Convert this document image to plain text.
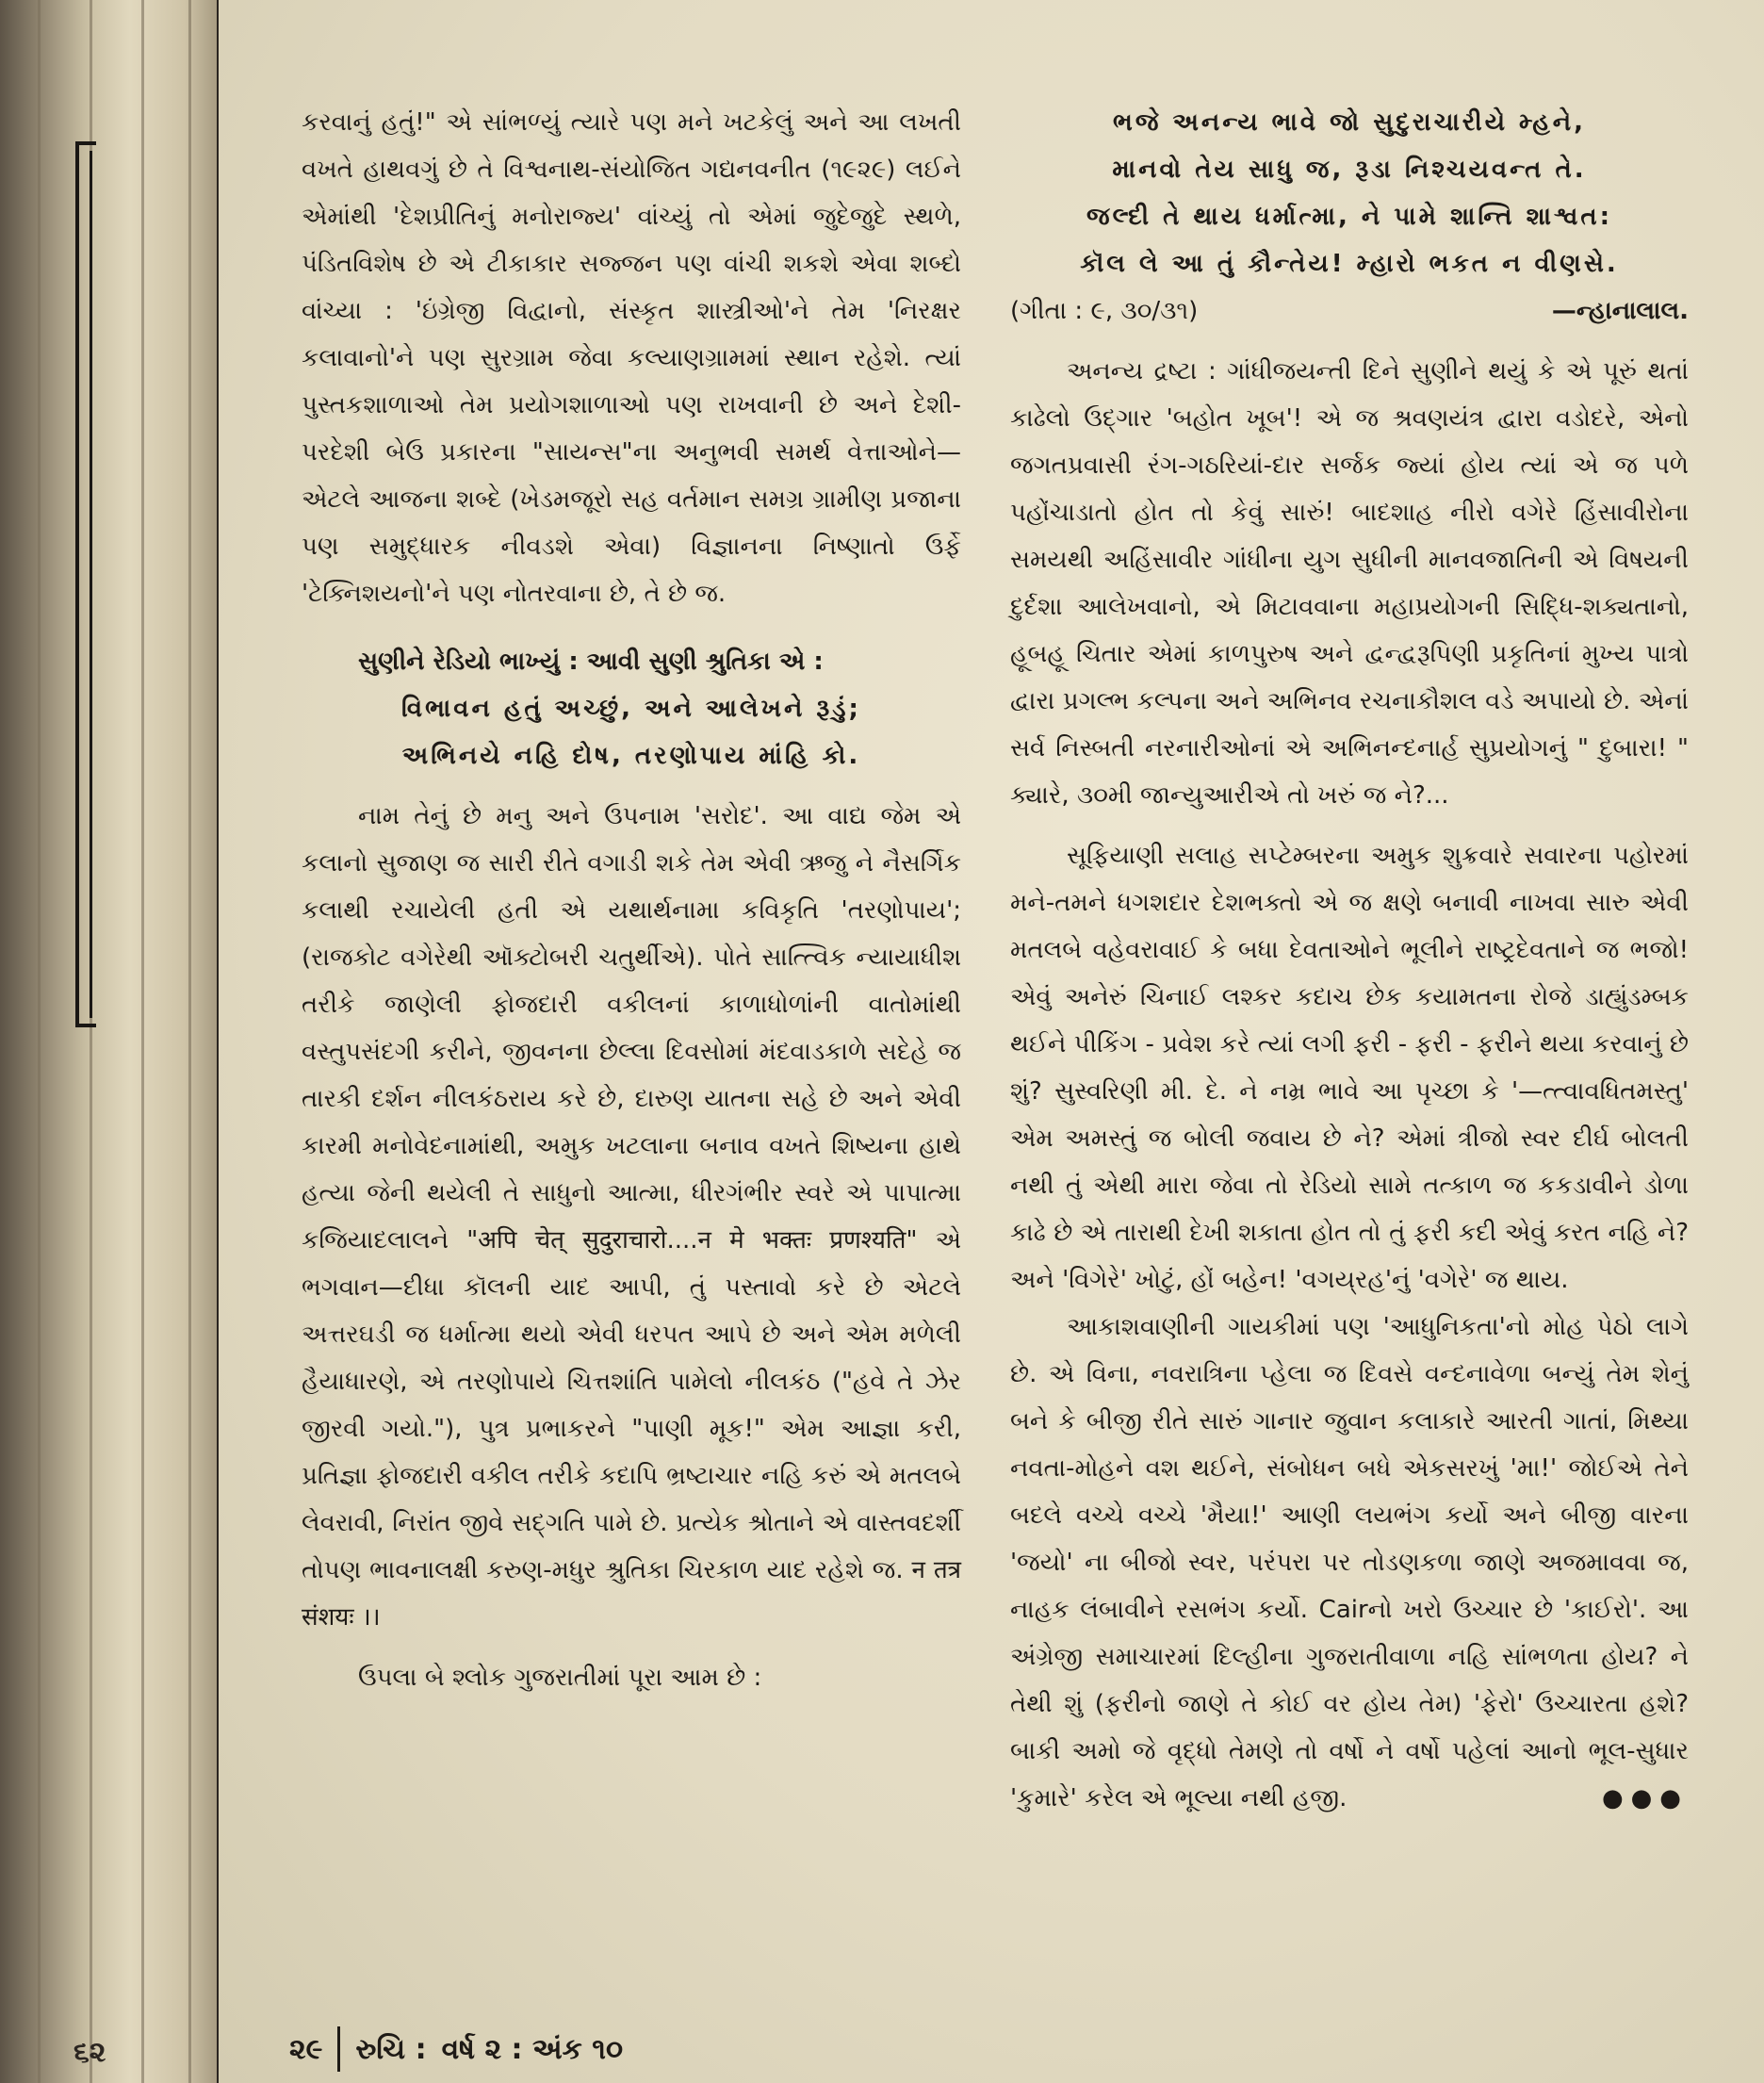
૬૨

કરવાનું હતું!" એ સાંભળ્યું ત્યારે પણ મને ખટકેલું અને આ લખતી વખતે હાથવગું છે તે વિશ્વનાથ-સંયોજિત ગદ્યનવનીત (૧૯૨૯) લઈને એમાંથી 'દેશપ્રીતિનું મનોરાજ્ય' વાંચ્યું તો એમાં જુદેજુદે સ્થળે, પંડિતવિશેષ છે એ ટીકાકાર સજ્જન પણ વાંચી શકશે એવા શબ્દો વાંચ્યા : 'ઇંગ્રેજી વિદ્વાનો, સંસ્કૃત શાસ્ત્રીઓ'ને તેમ 'નિરક્ષર કલાવાનો'ને પણ સુરગ્રામ જેવા કલ્યાણગ્રામમાં સ્થાન રહેશે. ત્યાં પુસ્તકશાળાઓ તેમ પ્રયોગશાળાઓ પણ રાખવાની છે અને દેશી-પરદેશી બેઉ પ્રકારના "સાયન્સ"ના અનુભવી સમર્થ વેત્તાઓને—એટલે આજના શબ્દે (ખેડમજૂરો સહ વર્તમાન સમગ્ર ગ્રામીણ પ્રજાના પણ સમુદ્ધારક નીવડશે એવા) વિજ્ઞાનના નિષ્ણાતો ઉર્ફે 'ટેક્નિશયનો'ને પણ નોતરવાના છે, તે છે જ.

સુણીને રેડિયો ભાખ્યું : આવી સુણી શ્રુતિકા એ :

વિભાવન હતું અચ્છું, અને આલેખને રૂડું;

અભિનયે નહિ દોષ, તરણોપાય માંહિ કો.

નામ તેનું છે મનુ અને ઉપનામ 'સરોદ'. આ વાદ્ય જેમ એ કલાનો સુજાણ જ સારી રીતે વગાડી શકે તેમ એવી ઋજુ ને નૈસર્ગિક કલાથી રચાયેલી હતી એ યથાર્થનામા કવિકૃતિ 'તરણોપાય'; (રાજકોટ વગેરેથી ઑક્ટોબરી ચતુર્થીએ). પોતે સાત્ત્વિક ન્યાયાધીશ તરીકે જાણેલી ફોજદારી વકીલનાં કાળાધોળાંની વાતોમાંથી વસ્તુપસંદગી કરીને, જીવનના છેલ્લા દિવસોમાં મંદવાડકાળે સદેહે જ તારકી દર્શન નીલકંઠરાય કરે છે, દારુણ યાતના સહે છે અને એવી કારમી મનોવેદનામાંથી, અમુક ખટલાના બનાવ વખતે શિષ્યના હાથે હત્યા જેની થયેલી તે સાધુનો આત્મા, ધીરગંભીર સ્વરે એ પાપાત્મા કજિયાદલાલને "अपि चेत् सुदुराचारो....न मे भक्तः प्रणश्यति" એ ભગવાન—દીધા કૉલની યાદ આપી, તું પસ્તાવો કરે છે એટલે અત્તરઘડી જ ધર્માત્મા થયો એવી ધરપત આપે છે અને એમ મળેલી હૈયાધારણે, એ તરણોપાયે ચિત્તશાંતિ પામેલો નીલકંઠ ("હવે તે ઝેર જીરવી ગયો."), પુત્ર પ્રભાકરને "પાણી મૂક!" એમ આજ્ઞા કરી, પ્રતિજ્ઞા ફોજદારી વકીલ તરીકે કદાપિ ભ્રષ્ટાચાર નહિ કરું એ મતલબે લેવરાવી, નિરાંત જીવે સદ્‌ગતિ પામે છે. પ્રત્યેક શ્રોતાને એ વાસ્તવદર્શી તોપણ ભાવનાલક્ષી કરુણ-મધુર શ્રુતિકા ચિરકાળ યાદ રહેશે જ. न तत्र संशयः ।।

ઉપલા બે શ્લોક ગુજરાતીમાં પૂરા આમ છે :

ભજે અનન્ય ભાવે જો સુદુરાચારીયે મ્હને,

માનવો તેય સાધુ જ, રૂડા નિશ્ચયવન્ત તે.

જલ્દી તે થાય ધર્માત્મા, ને પામે શાન્તિ શાશ્વત:

કૉલ લે આ તું કૌન્તેય! મ્હારો ભકત ન વીણસે.

(ગીતા : ૯, ૩૦/૩૧)	—ન્હાનાલાલ.

અનન્ય દ્રષ્ટા : ગાંધીજયન્તી દિને સુણીને થયું કે એ પૂરું થતાં કાઢેલો ઉદ્‌ગાર 'બહોત ખૂબ'! એ જ શ્રવણયંત્ર દ્વારા વડોદરે, એનો જગતપ્રવાસી રંગ-ગઠરિયાં-દાર સર્જક જ્યાં હોય ત્યાં એ જ પળે પહોંચાડાતો હોત તો કેવું સારું! બાદશાહ નીરો વગેરે હિંસાવીરોના સમયથી અહિંસાવીર ગાંધીના યુગ સુધીની માનવજાતિની એ વિષયની દુર્દશા આલેખવાનો, એ મિટાવવાના મહાપ્રયોગની સિદ્ધિ-શક્યતાનો, હૂબહૂ ચિતાર એમાં કાળપુરુષ અને દ્વન્દ્વરૂપિણી પ્રકૃતિનાં મુખ્ય પાત્રો દ્વારા પ્રગલ્ભ કલ્પના અને અભિનવ રચનાકૌશલ વડે અપાયો છે. એનાં સર્વ નિસ્બતી નરનારીઓનાં એ અભિનન્દનાર્હ સુપ્રયોગનું " દુબારા! " ક્યારે, ૩૦મી જાન્યુઆરીએ તો ખરું જ ને?...

સૂફિયાણી સલાહ સપ્ટેમ્બરના અમુક શુક્રવારે સવારના પહોરમાં મને-તમને ધગશદાર દેશભક્તો એ જ ક્ષણે બનાવી નાખવા સારુ એવી મતલબે વહેવરાવાઈ કે બધા દેવતાઓને ભૂલીને રાષ્ટ્રદેવતાને જ ભજો! એવું અનેરું ચિનાઈ લશ્કર કદાચ છેક કયામતના રોજે ડાહ્યુંડમ્બક થઈને પીકિંગ - પ્રવેશ કરે ત્યાં લગી ફરી - ફરી - ફરીને થયા કરવાનું છે શું? સુસ્વરિણી મી. દે. ને નમ્ર ભાવે આ પૃચ્છા કે '—ત્ત્વાવધિતમસ્તુ' એમ અમસ્તું જ બોલી જવાય છે ને? એમાં ત્રીજો સ્વર દીર્ઘ બોલતી નથી તું એથી મારા જેવા તો રેડિયો સામે તત્કાળ જ કકડાવીને ડોળા કાઢે છે એ તારાથી દેખી શકાતા હોત તો તું ફરી કદી એવું કરત નહિ ને? અને 'વિગેરે' ખોટું, હોં બહેન! 'વગય્‌રહ'નું 'વગેરે' જ થાય.

આકાશવાણીની ગાયકીમાં પણ 'આધુનિકતા'નો મોહ પેઠો લાગે છે. એ વિના, નવરાત્રિના પ્હેલા જ દિવસે વન્દનાવેળા બન્યું તેમ શેનું બને કે બીજી રીતે સારું ગાનાર જુવાન કલાકારે આરતી ગાતાં, મિથ્યા નવતા-મોહને વશ થઈને, સંબોધન બધે એકસરખું 'મા!' જોઈએ તેને બદલે વચ્ચે વચ્ચે 'મૈયા!' આણી લયભંગ કર્યો અને બીજી વારના 'જયો' ના બીજો સ્વર, પરંપરા પર તોડણકળા જાણે અજમાવવા જ, નાહક લંબાવીને રસભંગ કર્યો. Cairનો ખરો ઉચ્ચાર છે 'કાઈરો'. આ અંગ્રેજી સમાચારમાં દિલ્હીના ગુજરાતીવાળા નહિ સાંભળતા હોય? ને તેથી શું (ફરીનો જાણે તે કોઈ વર હોય તેમ) 'ફેરો' ઉચ્ચારતા હશે? બાકી અમો જે વૃદ્ધો તેમણે તો વર્ષો ને વર્ષો પહેલાં આનો ભૂલ-સુધાર 'કુમારે' કરેલ એ ભૂલ્યા નથી હજી.	●●●

૨૯ રુચિ : વર્ષ ૨ : અંક ૧૦
